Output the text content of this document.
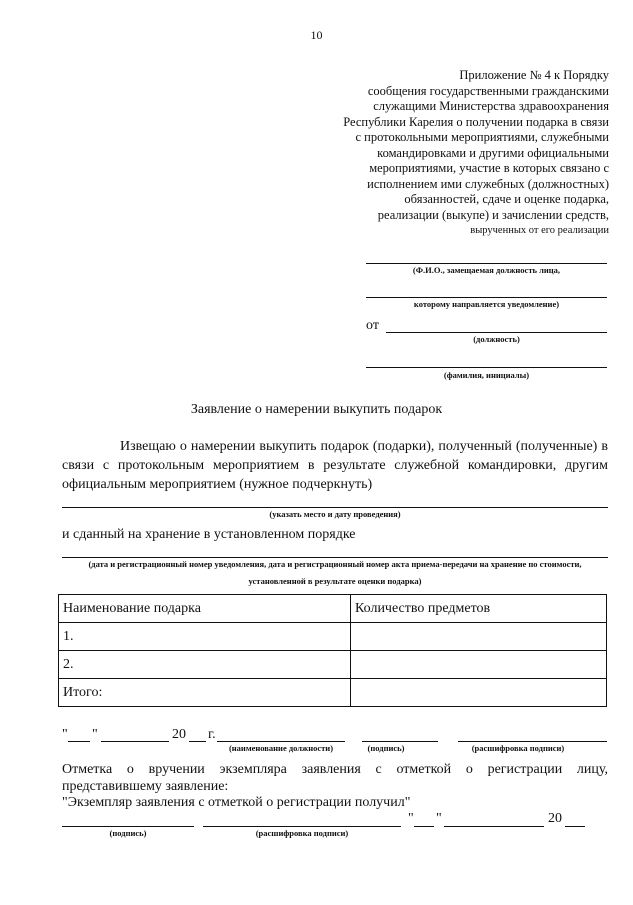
10
Приложение № 4 к Порядку
сообщения государственными гражданскими
служащими Министерства здравоохранения
Республики Карелия о получении подарка в связи
с протокольными мероприятиями, служебными
командировками и другими официальными
мероприятиями, участие в которых связано с
исполнением ими служебных (должностных)
обязанностей, сдаче и оценке подарка,
реализации (выкупе) и зачислении средств,
вырученных от его реализации
(Ф.И.О., замещаемая должность лица,
которому направляется уведомление)
от
(должность)
(фамилия, инициалы)
Заявление о намерении выкупить подарок

Извещаю о намерении выкупить подарок (подарки), полученный (полученные) в связи с протокольным мероприятием в результате служебной командировки, другим официальным мероприятием (нужное подчеркнуть)

(указать место и дату проведения)
и сданный на хранение в установленном порядке
(дата и регистрационный номер уведомления, дата и регистрационный номер акта приема-передачи на хранение по стоимости,
установленной в результате оценки подарка)
Наименование подарка	Количество предметов
1.	
2.	
Итого:	
" "	20 г.
(наименование должности)	(подпись)	(расшифровка подписи)
Отметка о вручении экземпляра заявления с отметкой о регистрации лицу, представившему заявление:
"Экземпляр заявления с отметкой о регистрации получил"
(подпись)	(расшифровка подписи)
" "	20
